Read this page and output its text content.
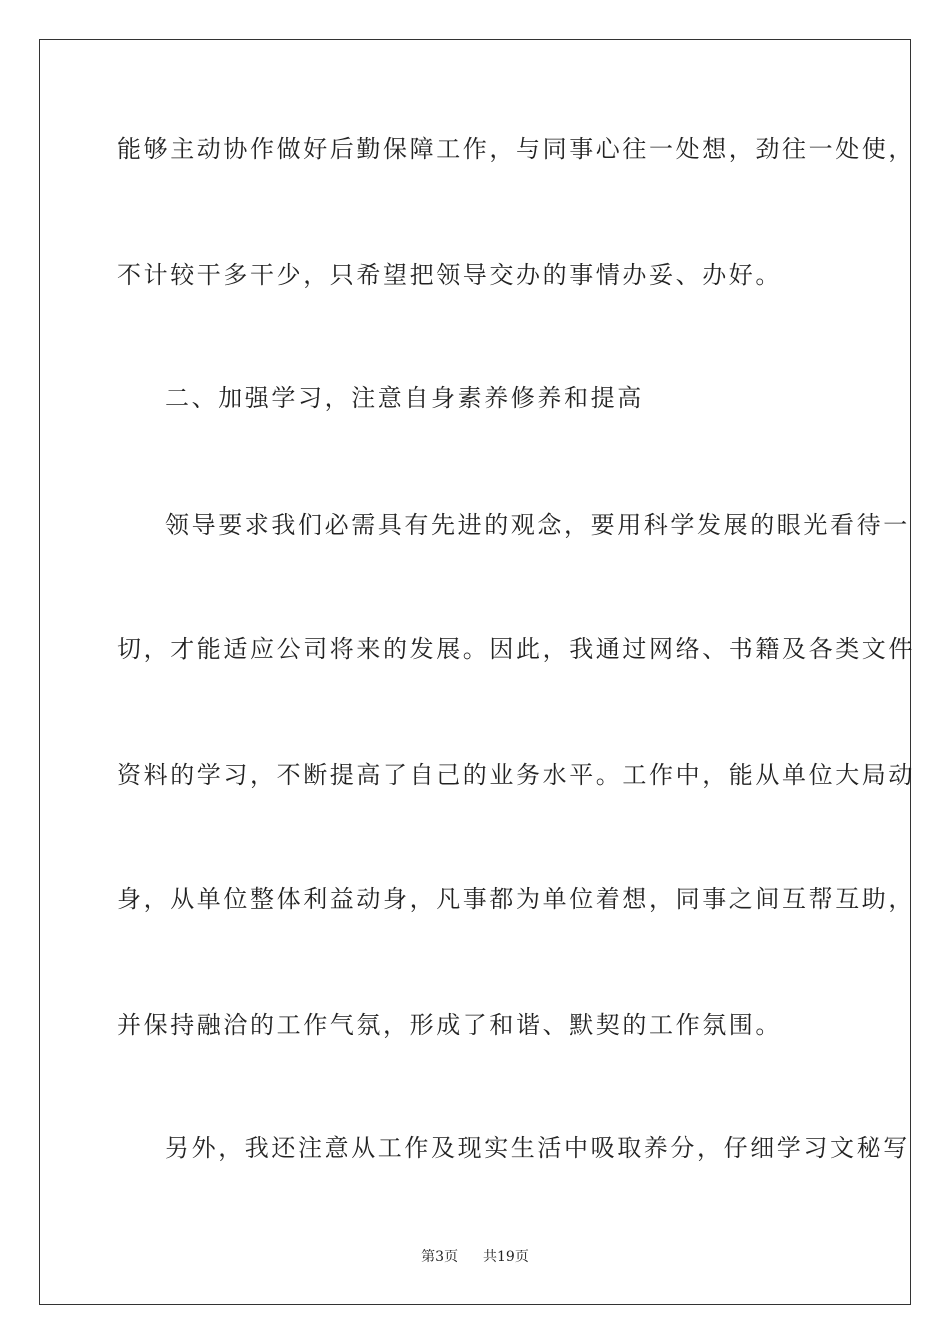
能够主动协作做好后勤保障工作，与同事心往一处想，劲往一处使，
不计较干多干少，只希望把领导交办的事情办妥、办好。
二、加强学习，注意自身素养修养和提高
领导要求我们必需具有先进的观念，要用科学发展的眼光看待一
切，才能适应公司将来的发展。因此，我通过网络、书籍及各类文件
资料的学习，不断提高了自己的业务水平。工作中，能从单位大局动
身，从单位整体利益动身，凡事都为单位着想，同事之间互帮互助，
并保持融洽的工作气氛，形成了和谐、默契的工作氛围。
另外，我还注意从工作及现实生活中吸取养分，仔细学习文秘写
第3页 共19页
